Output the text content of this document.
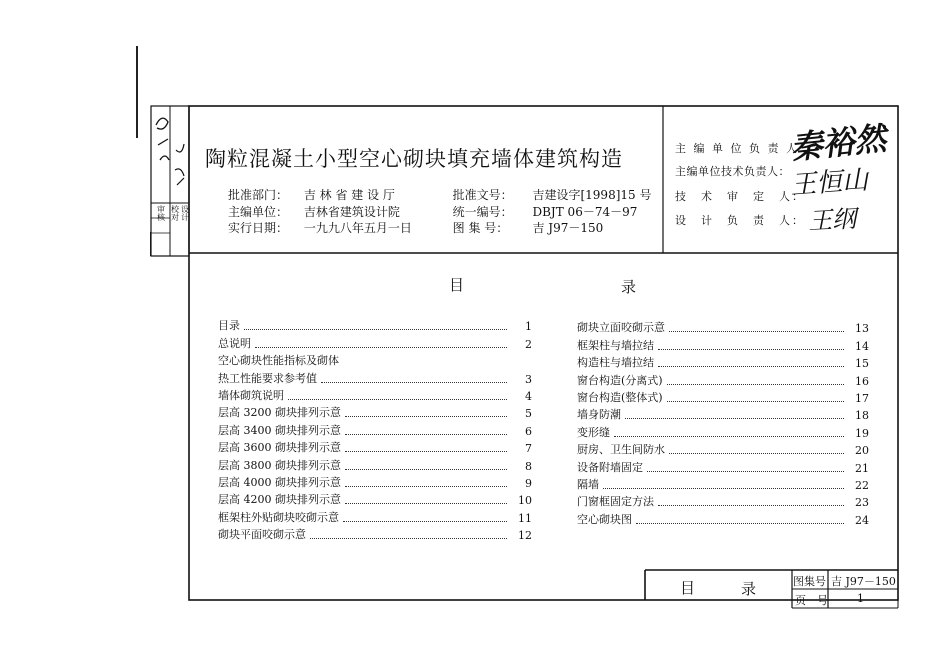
审 核
校 对
设 计
陶粒混凝土小型空心砌块填充墙体建筑构造
批准部门： 吉 林 省 建 设 厅	批准文号： 吉建设字[1998]15 号
主编单位： 吉林省建筑设计院	统一编号： DBJT 06－74－97
实行日期： 一九九八年五月一日	图 集 号： 吉 J97－150
主 编 单 位 负 责 人：
主编单位技术负责人：
技　术　审　定　人：
设　计　负　责　人：
秦裕然
王恒山
王纲
目	录
目录	1
总说明	2
空心砌块性能指标及砌体
热工性能要求参考值	3
墙体砌筑说明	4
层高 3200 砌块排列示意	5
层高 3400 砌块排列示意	6
层高 3600 砌块排列示意	7
层高 3800 砌块排列示意	8
层高 4000 砌块排列示意	9
层高 4200 砌块排列示意	10
框架柱外贴砌块咬砌示意	11
砌块平面咬砌示意	12
砌块立面咬砌示意	13
框架柱与墙拉结	14
构造柱与墙拉结	15
窗台构造(分离式)	16
窗台构造(整体式)	17
墙身防潮	18
变形缝	19
厨房、卫生间防水	20
设备附墙固定	21
隔墙	22
门窗框固定方法	23
空心砌块图	24
目	录	图集号 吉 J97－150
页　号	1
